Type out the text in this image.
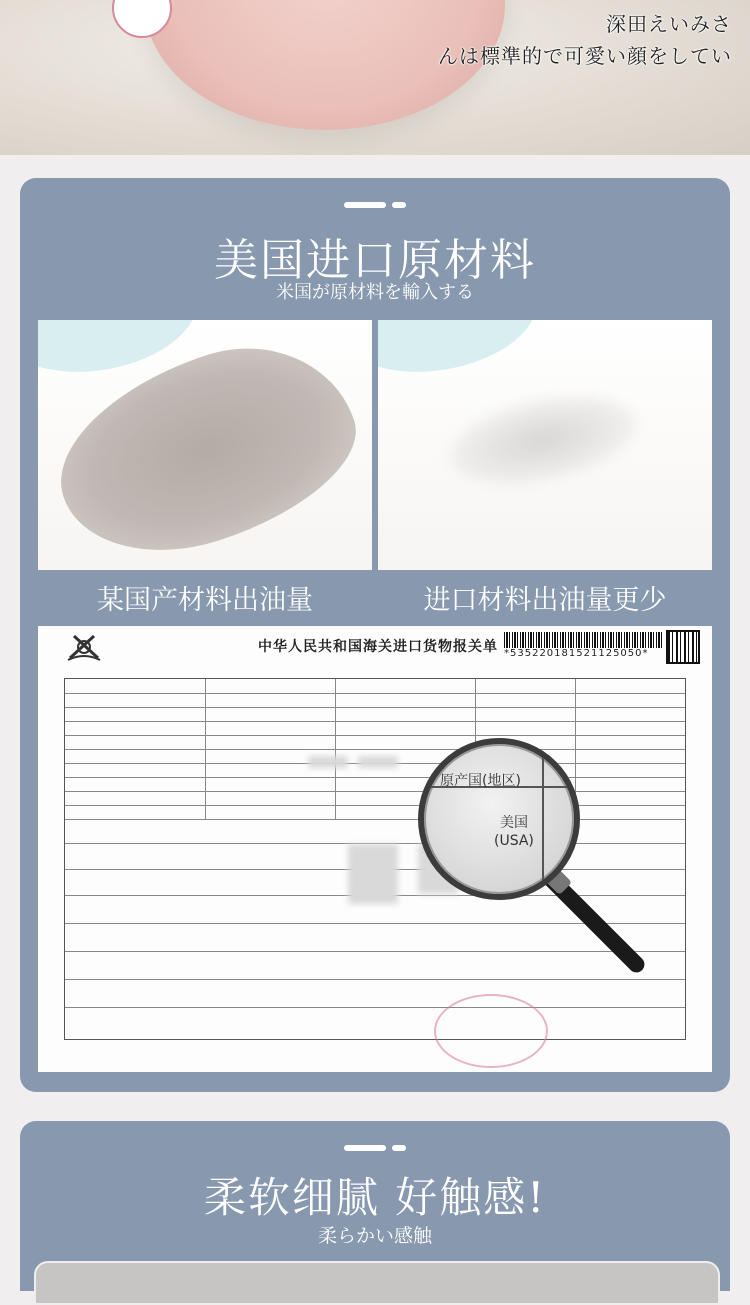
深田えいみさ
んは標準的で可愛い顔をしてい
美国进口原材料
米国が原材料を輸入する
某国产材料出油量	进口材料出油量更少
中华人民共和国海关进口货物报关单 *535220181521125050*
原产国(地区)
美国
(USA)
柔软细腻 好触感!
柔らかい感触
